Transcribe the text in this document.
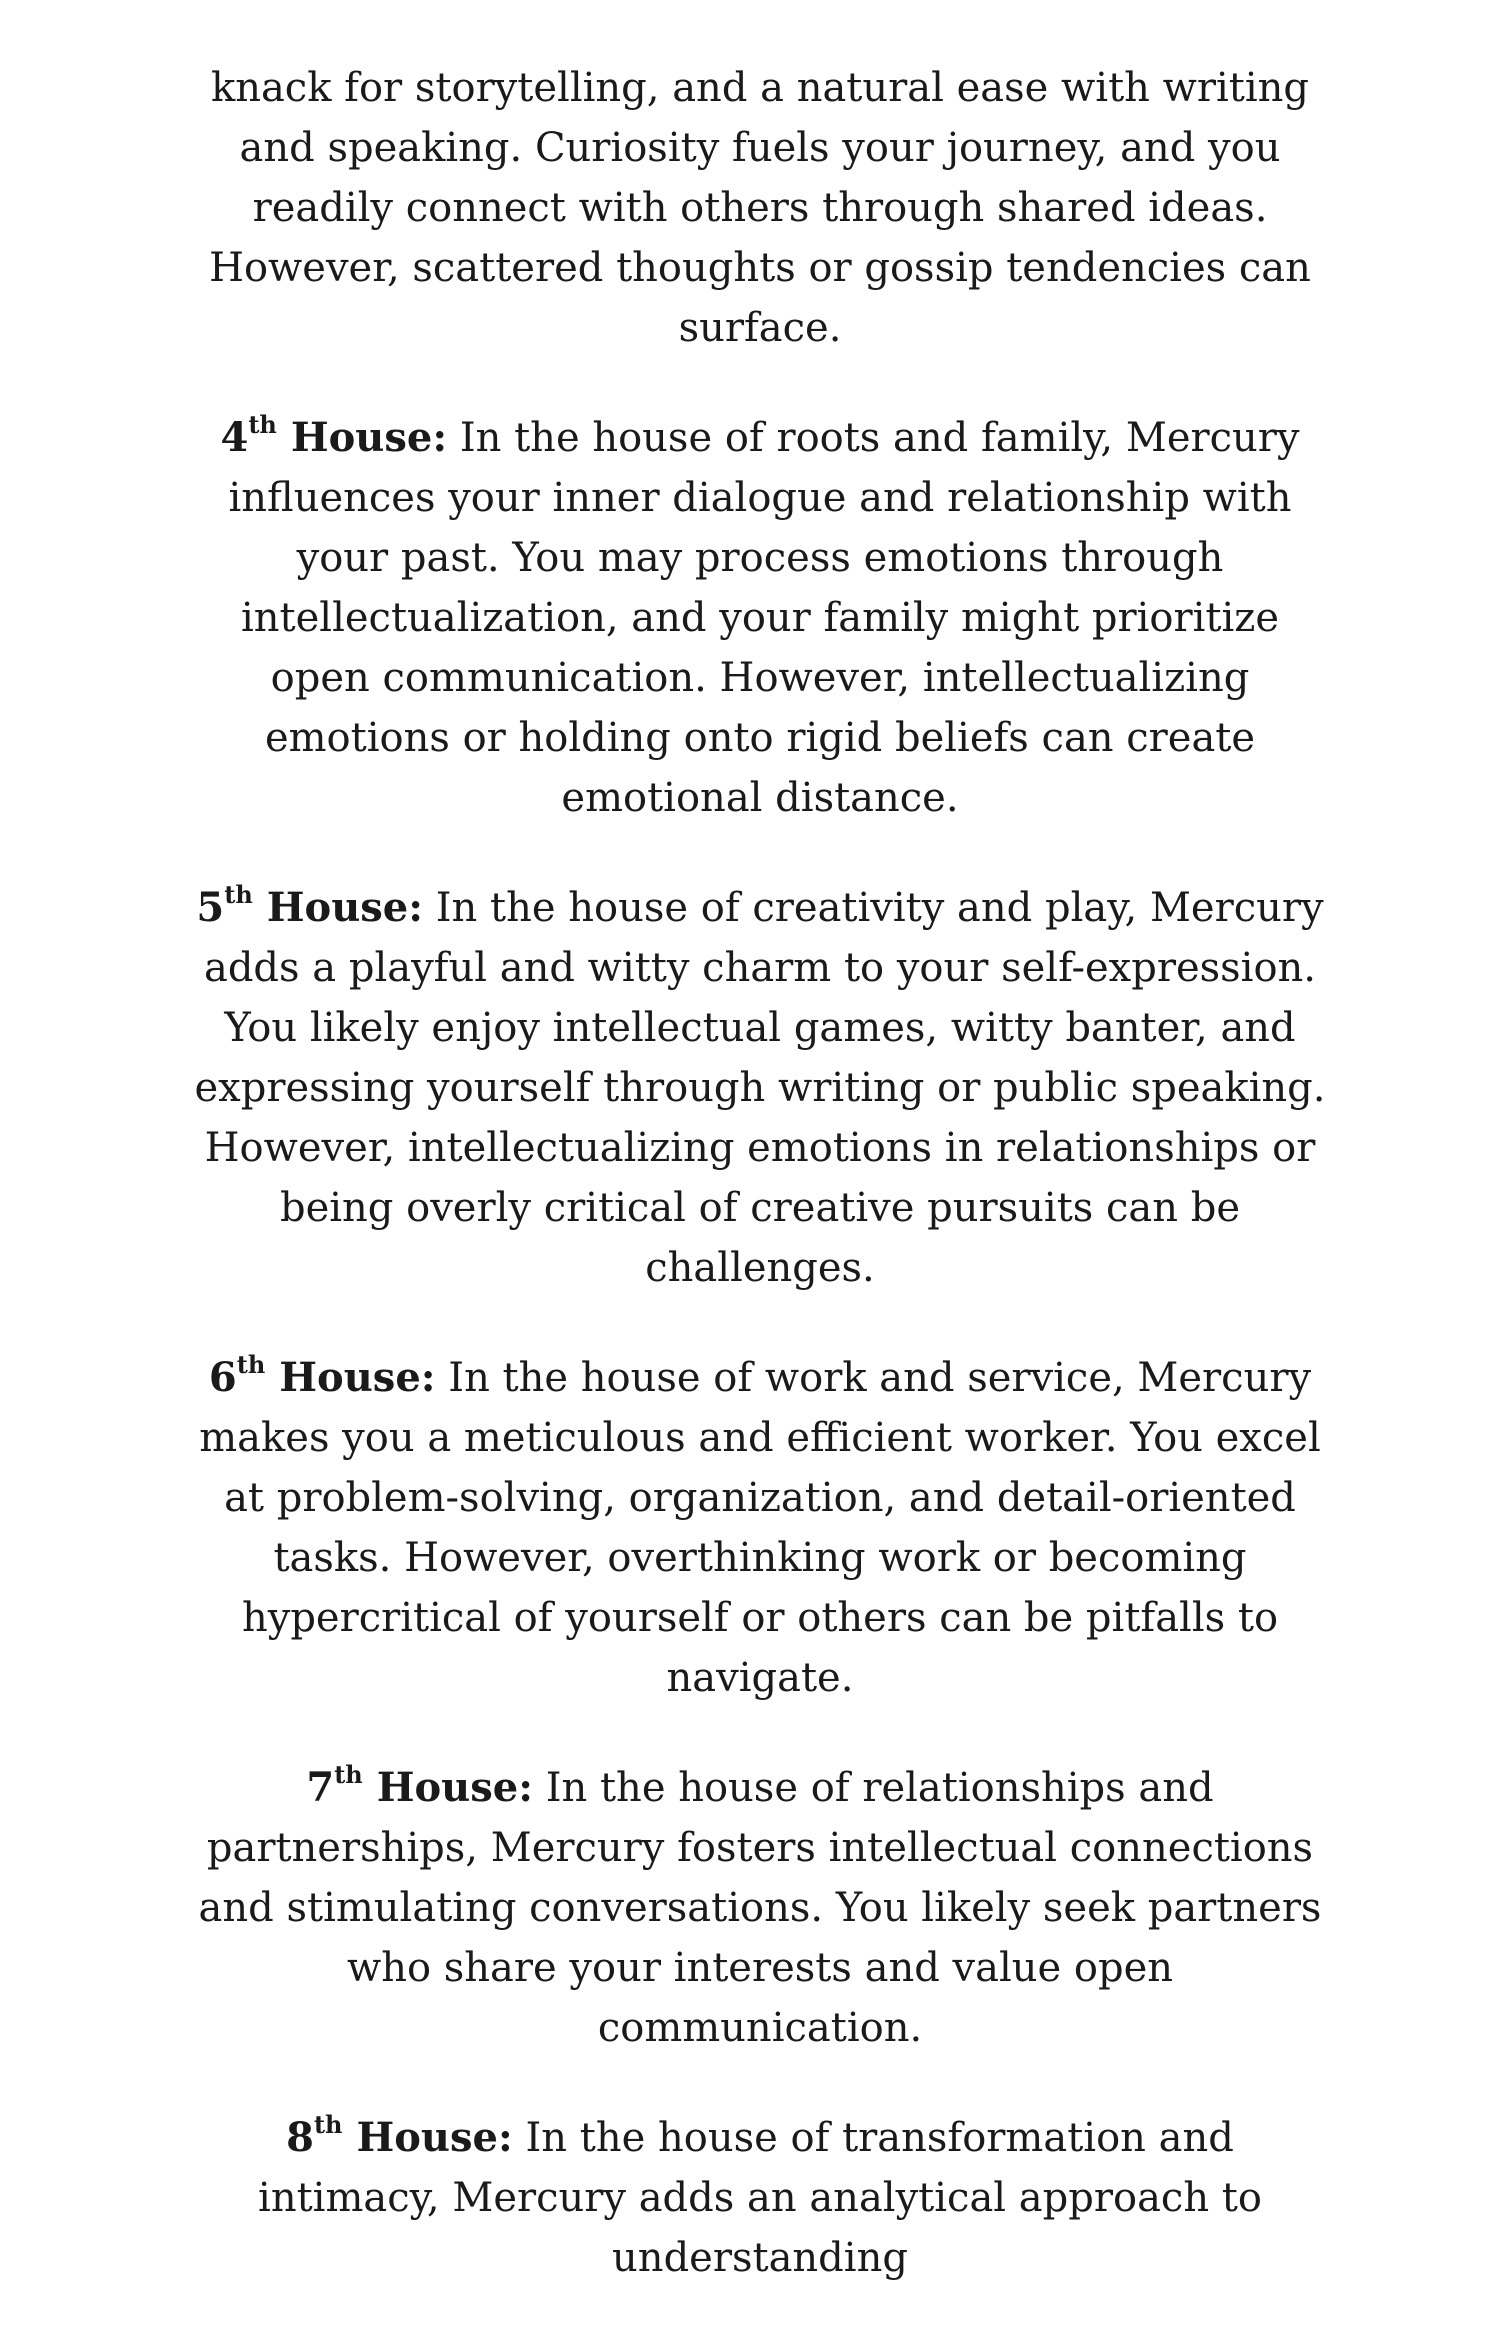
knack for storytelling, and a natural ease with writing and speaking. Curiosity fuels your journey, and you readily connect with others through shared ideas. However, scattered thoughts or gossip tendencies can surface.

4th House: In the house of roots and family, Mercury influences your inner dialogue and relationship with your past. You may process emotions through intellectualization, and your family might prioritize open communication. However, intellectualizing emotions or holding onto rigid beliefs can create emotional distance.

5th House: In the house of creativity and play, Mercury adds a playful and witty charm to your self-expression. You likely enjoy intellectual games, witty banter, and expressing yourself through writing or public speaking. However, intellectualizing emotions in relationships or being overly critical of creative pursuits can be challenges.

6th House: In the house of work and service, Mercury makes you a meticulous and efficient worker. You excel at problem-solving, organization, and detail-oriented tasks. However, overthinking work or becoming hypercritical of yourself or others can be pitfalls to navigate.

7th House: In the house of relationships and partnerships, Mercury fosters intellectual connections and stimulating conversations. You likely seek partners who share your interests and value open communication.

8th House: In the house of transformation and intimacy, Mercury adds an analytical approach to understanding
